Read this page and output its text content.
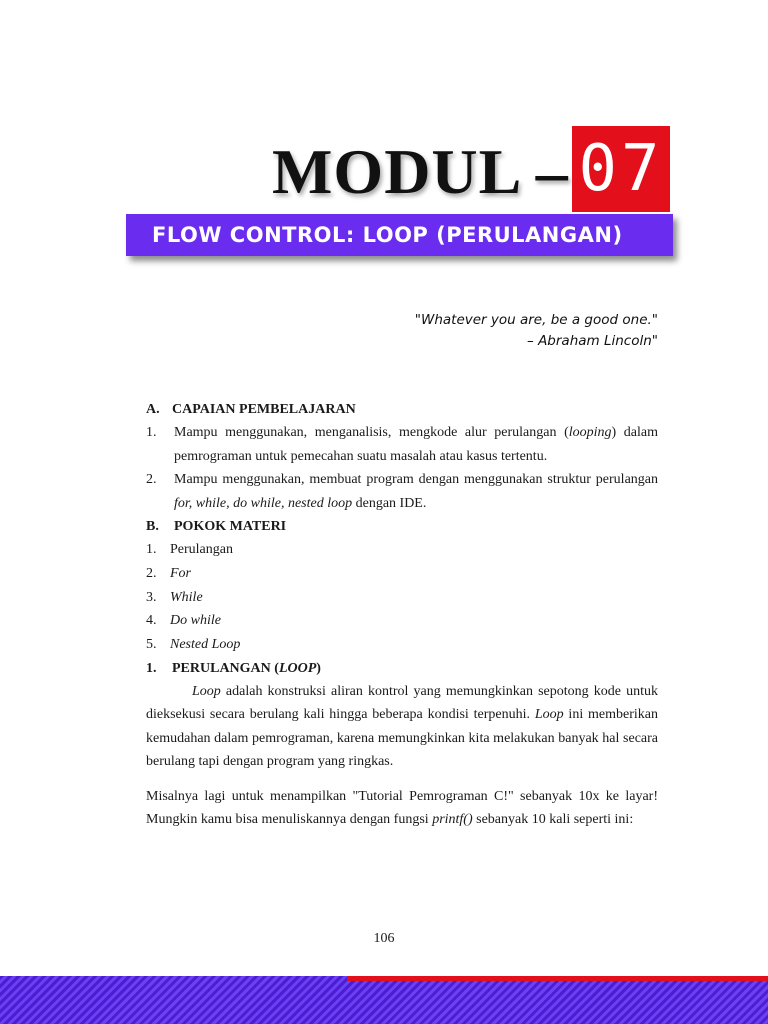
MODUL – 07
FLOW CONTROL: LOOP (PERULANGAN)
"Whatever you are, be a good one."
– Abraham Lincoln"
A. CAPAIAN PEMBELAJARAN
1. Mampu menggunakan, menganalisis, mengkode alur perulangan (looping) dalam pemrograman untuk pemecahan suatu masalah atau kasus tertentu.
2. Mampu menggunakan, membuat program dengan menggunakan struktur perulangan for, while, do while, nested loop dengan IDE.
B. POKOK MATERI
1. Perulangan
2. For
3. While
4. Do while
5. Nested Loop
1. PERULANGAN (LOOP)

Loop adalah konstruksi aliran kontrol yang memungkinkan sepotong kode untuk dieksekusi secara berulang kali hingga beberapa kondisi terpenuhi. Loop ini memberikan kemudahan dalam pemrograman, karena memungkinkan kita melakukan banyak hal secara berulang tapi dengan program yang ringkas.

Misalnya lagi untuk menampilkan "Tutorial Pemrograman C!" sebanyak 10x ke layar! Mungkin kamu bisa menuliskannya dengan fungsi printf() sebanyak 10 kali seperti ini:

106
